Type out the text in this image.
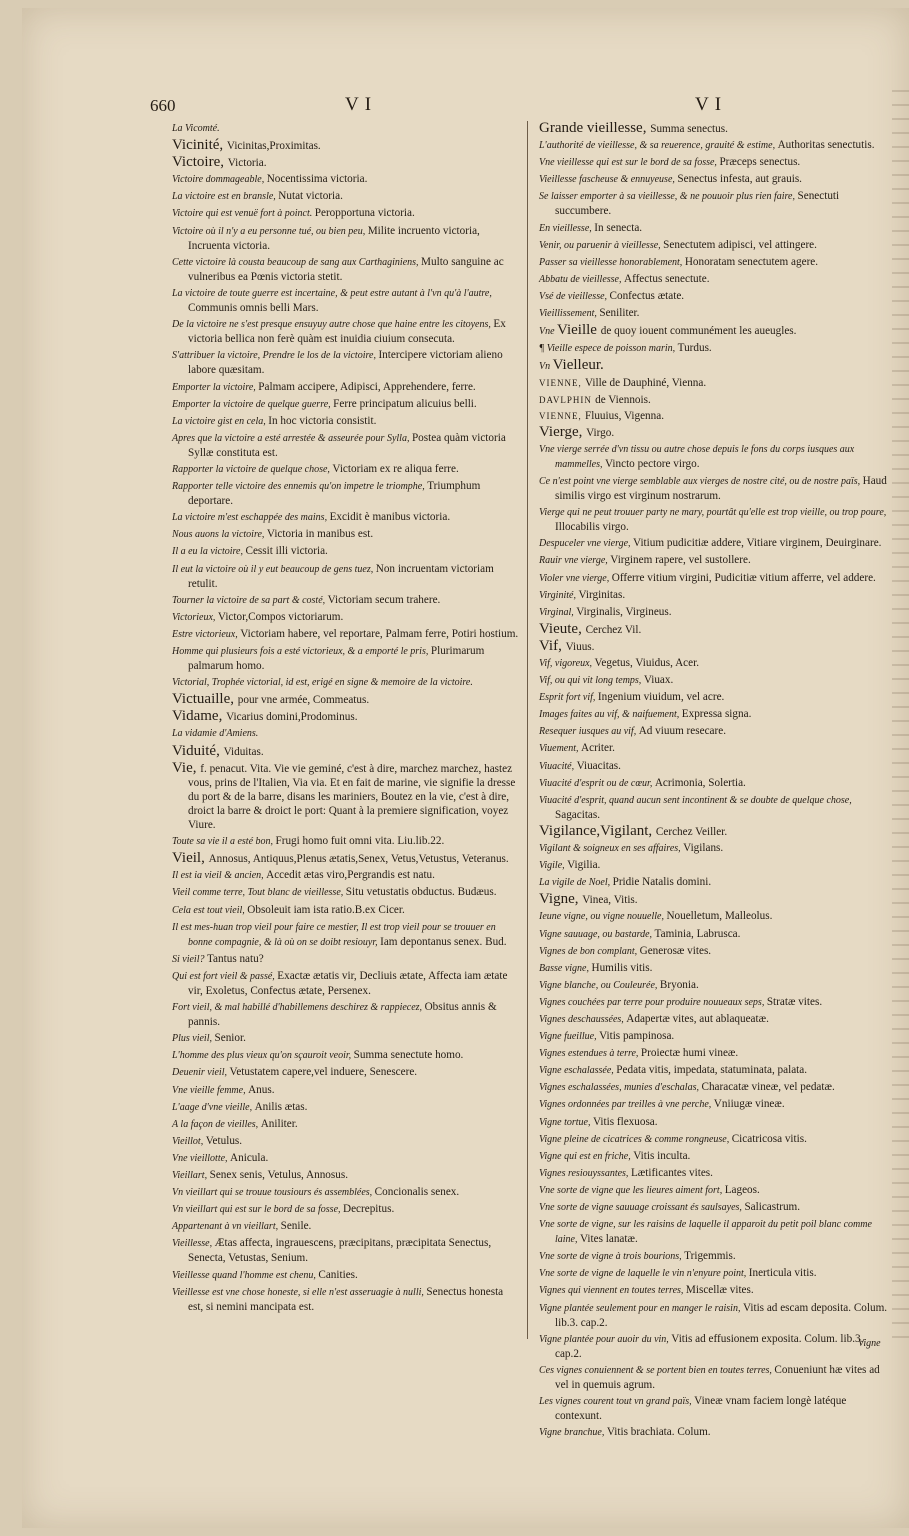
660	VI	VI
La Vicomté.
Vicinité, Vicinitas,Proximitas.
Victoire, Victoria.
Victoire dommageable, Nocentissima victoria.
La victoire est en bransle, Nutat victoria.
Victoire qui est venuë fort à poinct. Peropportuna victoria.
Victoire où il n'y a eu personne tué, ou bien peu, Milite incruento victoria, Incruenta victoria.
Cette victoire là cousta beaucoup de sang aux Carthaginiens, Multo sanguine ac vulneribus ea Pœnis victoria stetit.
La victoire de toute guerre est incertaine, & peut estre autant à l'vn qu'à l'autre, Communis omnis belli Mars.
De la victoire ne s'est presque ensuyuy autre chose que haine entre les citoyens, Ex victoria bellica non ferè quàm est inuidia ciuium consecuta.
S'attribuer la victoire, Prendre le los de la victoire, Intercipere victoriam alieno labore quæsitam.
Emporter la victoire, Palmam accipere, Adipisci, Apprehendere, ferre.
Emporter la victoire de quelque guerre, Ferre principatum alicuius belli.
La victoire gist en cela, In hoc victoria consistit.
Apres que la victoire a esté arrestée & asseurée pour Sylla, Postea quàm victoria Syllæ constituta est.
Rapporter la victoire de quelque chose, Victoriam ex re aliqua ferre.
Rapporter telle victoire des ennemis qu'on impetre le triomphe, Triumphum deportare.
La victoire m'est eschappée des mains, Excidit è manibus victoria.
Nous auons la victoire, Victoria in manibus est.
Il a eu la victoire, Cessit illi victoria.
Il eut la victoire où il y eut beaucoup de gens tuez, Non incruentam victoriam retulit.
Tourner la victoire de sa part & costé, Victoriam secum trahere.
Victorieux, Victor,Compos victoriarum.
Estre victorieux, Victoriam habere, vel reportare, Palmam ferre, Potiri hostium.
Homme qui plusieurs fois a esté victorieux, & a emporté le pris, Plurimarum palmarum homo.
Victorial, Trophée victorial, id est, erigé en signe & memoire de la victoire.
Victuaille, pour vne armée, Commeatus.
Vidame, Vicarius domini,Prodominus.
La vidamie d'Amiens.
Viduité, Viduitas.
Vie, f. penacut. Vita. Vie vie geminé, c'est à dire, marchez marchez, hastez vous, prins de l'Italien, Via via. Et en fait de marine, vie signifie la dresse du port & de la barre, disans les mariniers, Boutez en la vie, c'est à dire, droict la barre & droict le port: Quant à la premiere signification, voyez Viure.
Toute sa vie il a esté bon, Frugi homo fuit omni vita. Liu.lib.22.
Vieil, Annosus, Antiquus,Plenus ætatis,Senex, Vetus,Vetustus, Veteranus.
Il est ia vieil & ancien, Accedit ætas viro,Pergrandis est natu.
Vieil comme terre, Tout blanc de vieillesse, Situ vetustatis obductus. Budæus.
Cela est tout vieil, Obsoleuit iam ista ratio.B.ex Cicer.
Il est mes-huan trop vieil pour faire ce mestier, Il est trop vieil pour se trouuer en bonne compagnie, & là où on se doibt resiouyr, Iam depontanus senex. Bud.
Si vieil? Tantus natu?
Qui est fort vieil & passé, Exactæ ætatis vir, Decliuis ætate, Affecta iam ætate vir, Exoletus, Confectus ætate, Persenex.
Fort vieil, & mal habillé d'habillemens deschirez & rappiecez, Obsitus annis & pannis.
Plus vieil, Senior.
L'homme des plus vieux qu'on sçauroit veoir, Summa senectute homo.
Deuenir vieil, Vetustatem capere,vel induere, Senescere.
Vne vieille femme, Anus.
L'aage d'vne vieille, Anilis ætas.
A la façon de vieilles, Aniliter.
Vieillot, Vetulus.
Vne vieillotte, Anicula.
Vieillart, Senex senis, Vetulus, Annosus.
Vn vieillart qui se trouue tousiours és assemblées, Concionalis senex.
Vn vieillart qui est sur le bord de sa fosse, Decrepitus.
Appartenant à vn vieillart, Senile.
Vieillesse, Ætas affecta, ingrauescens, præcipitans, præcipitata Senectus, Senecta, Vetustas, Senium.
Vieillesse quand l'homme est chenu, Canities.
Vieillesse est vne chose honeste, si elle n'est asseruagie à nulli, Senectus honesta est, si nemini mancipata est.
Grande vieillesse, Summa senectus.
L'authorité de vieillesse, & sa reuerence, grauité & estime, Authoritas senectutis.
Vne vieillesse qui est sur le bord de sa fosse, Præceps senectus.
Vieillesse fascheuse & ennuyeuse, Senectus infesta, aut grauis.
Se laisser emporter à sa vieillesse, & ne pouuoir plus rien faire, Senectuti succumbere.
En vieillesse, In senecta.
Venir, ou paruenir à vieillesse, Senectutem adipisci, vel attingere.
Passer sa vieillesse honorablement, Honoratam senectutem agere.
Abbatu de vieillesse, Affectus senectute.
Vsé de vieillesse, Confectus ætate.
Vieillissement, Seniliter.
Vne Vieille de quoy iouent communément les aueugles.
¶ Vieille espece de poisson marin, Turdus.
Vn Vielleur.
VIENNE, Ville de Dauphiné, Vienna.
DAVLPHIN de Viennois.
VIENNE, Fluuius, Vigenna.
Vierge, Virgo.
Vne vierge serrée d'vn tissu ou autre chose depuis le fons du corps iusques aux mammelles, Vincto pectore virgo.
Ce n'est point vne vierge semblable aux vierges de nostre cité, ou de nostre païs, Haud similis virgo est virginum nostrarum.
Vierge qui ne peut trouuer party ne mary, pourtât qu'elle est trop vieille, ou trop poure, Illocabilis virgo.
Despuceler vne vierge, Vitium pudicitiæ addere, Vitiare virginem, Deuirginare.
Rauir vne vierge, Virginem rapere, vel sustollere.
Violer vne vierge, Offerre vitium virgini, Pudicitiæ vitium afferre, vel addere.
Virginité, Virginitas.
Virginal, Virginalis, Virgineus.
Vieute, Cerchez Vil.
Vif, Viuus.
Vif, vigoreux, Vegetus, Viuidus, Acer.
Vif, ou qui vit long temps, Viuax.
Esprit fort vif, Ingenium viuidum, vel acre.
Images faites au vif, & naifuement, Expressa signa.
Resequer iusques au vif, Ad viuum resecare.
Viuement, Acriter.
Viuacité, Viuacitas.
Viuacité d'esprit ou de cœur, Acrimonia, Solertia.
Viuacité d'esprit, quand aucun sent incontinent & se doubte de quelque chose, Sagacitas.
Vigilance,Vigilant, Cerchez Veiller.
Vigilant & soigneux en ses affaires, Vigilans.
Vigile, Vigilia.
La vigile de Noel, Pridie Natalis domini.
Vigne, Vinea, Vitis.
Ieune vigne, ou vigne nouuelle, Nouelletum, Malleolus.
Vigne sauuage, ou bastarde, Taminia, Labrusca.
Vignes de bon complant, Generosæ vites.
Basse vigne, Humilis vitis.
Vigne blanche, ou Couleurée, Bryonia.
Vignes couchées par terre pour produire nouueaux seps, Stratæ vites.
Vignes deschaussées, Adapertæ vites, aut ablaqueatæ.
Vigne fueillue, Vitis pampinosa.
Vignes estendues à terre, Proiectæ humi vineæ.
Vigne eschalassée, Pedata vitis, impedata, statuminata, palata.
Vignes eschalassées, munies d'eschalas, Characatæ vineæ, vel pedatæ.
Vignes ordonnées par treilles à vne perche, Vniiugæ vineæ.
Vigne tortue, Vitis flexuosa.
Vigne pleine de cicatrices & comme rongneuse, Cicatricosa vitis.
Vigne qui est en friche, Vitis inculta.
Vignes resiouyssantes, Lætificantes vites.
Vne sorte de vigne que les lieures aiment fort, Lageos.
Vne sorte de vigne sauuage croissant és saulsayes, Salicastrum.
Vne sorte de vigne, sur les raisins de laquelle il apparoit du petit poil blanc comme laine, Vites lanatæ.
Vne sorte de vigne à trois bourions, Trigemmis.
Vne sorte de vigne de laquelle le vin n'enyure point, Inerticula vitis.
Vignes qui viennent en toutes terres, Miscellæ vites.
Vigne plantée seulement pour en manger le raisin, Vitis ad escam deposita. Colum. lib.3. cap.2.
Vigne plantée pour auoir du vin, Vitis ad effusionem exposita. Colum. lib.3. cap.2.
Ces vignes conuiennent & se portent bien en toutes terres, Conueniunt hæ vites ad vel in quemuis agrum.
Les vignes courent tout vn grand païs, Vineæ vnam faciem longè latéque contexunt.
Vigne branchue, Vitis brachiata. Colum.
Vigne
